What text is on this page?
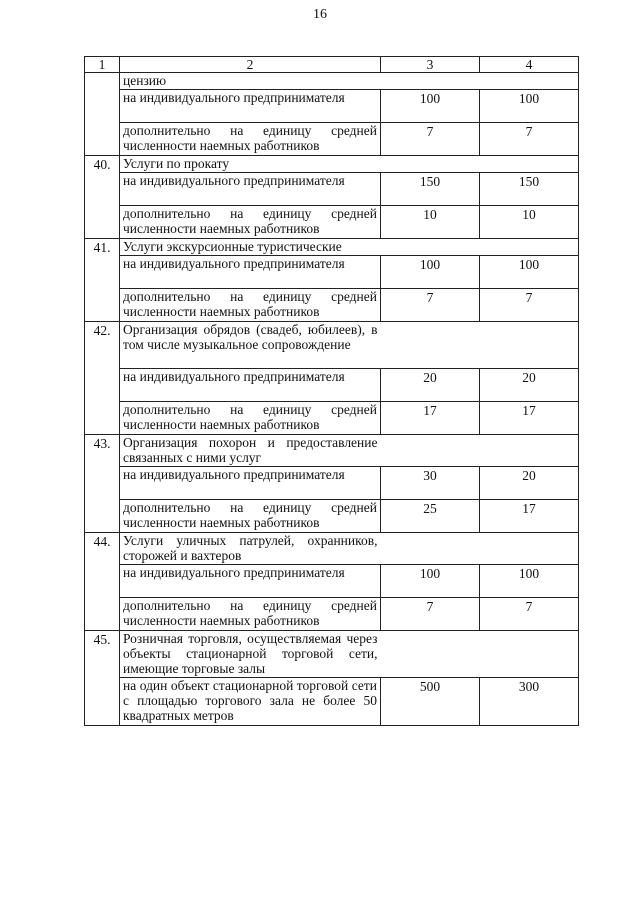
16
1	2	3	4
	цензию		
	на индивидуального предпринимателя	100	100
	дополнительно на единицу средней численности наемных работников	7	7
40.	Услуги по прокату		
	на индивидуального предпринимателя	150	150
	дополнительно на единицу средней численности наемных работников	10	10
41.	Услуги экскурсионные туристические		
	на индивидуального предпринимателя	100	100
	дополнительно на единицу средней численности наемных работников	7	7
42.	Организация обрядов (свадеб, юбилеев), в том числе музыкальное сопровождение		
	на индивидуального предпринимателя	20	20
	дополнительно на единицу средней численности наемных работников	17	17
43.	Организация похорон и предоставление связанных с ними услуг		
	на индивидуального предпринимателя	30	20
	дополнительно на единицу средней численности наемных работников	25	17
44.	Услуги уличных патрулей, охранников, сторожей и вахтеров		
	на индивидуального предпринимателя	100	100
	дополнительно на единицу средней численности наемных работников	7	7
45.	Розничная торговля, осуществляемая через объекты стационарной торговой сети, имеющие торговые залы		
	на один объект стационарной торговой сети с площадью торгового зала не более 50 квадратных метров	500	300
